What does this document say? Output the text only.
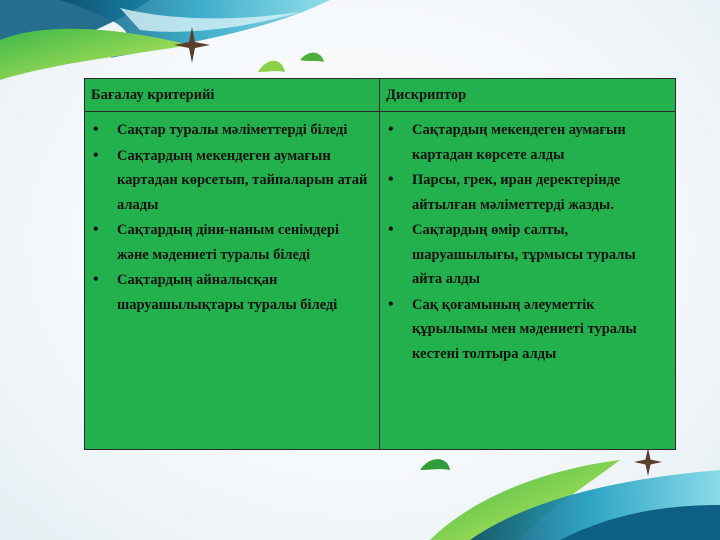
Бағалау критерийі	Дискриптор
• Сақтар туралы мәліметтерді біледі
• Сақтардың мекендеген аумағын картадан көрсетып, тайпаларын атай алады
• Сақтардың діни-наным сенімдері және мәдениеті туралы біледі
• Сақтардың айналысқан шаруашылықтары туралы біледі
• Сақтардың мекендеген аумағын картадан көрсете алды
• Парсы, грек, иран деректерінде айтылған мәліметтерді жазды.
• Сақтардың өмір салты, шаруашылығы, тұрмысы туралы айта алды
• Сақ қоғамының әлеуметтік құрылымы мен мәдениеті туралы кестені толтыра алды
